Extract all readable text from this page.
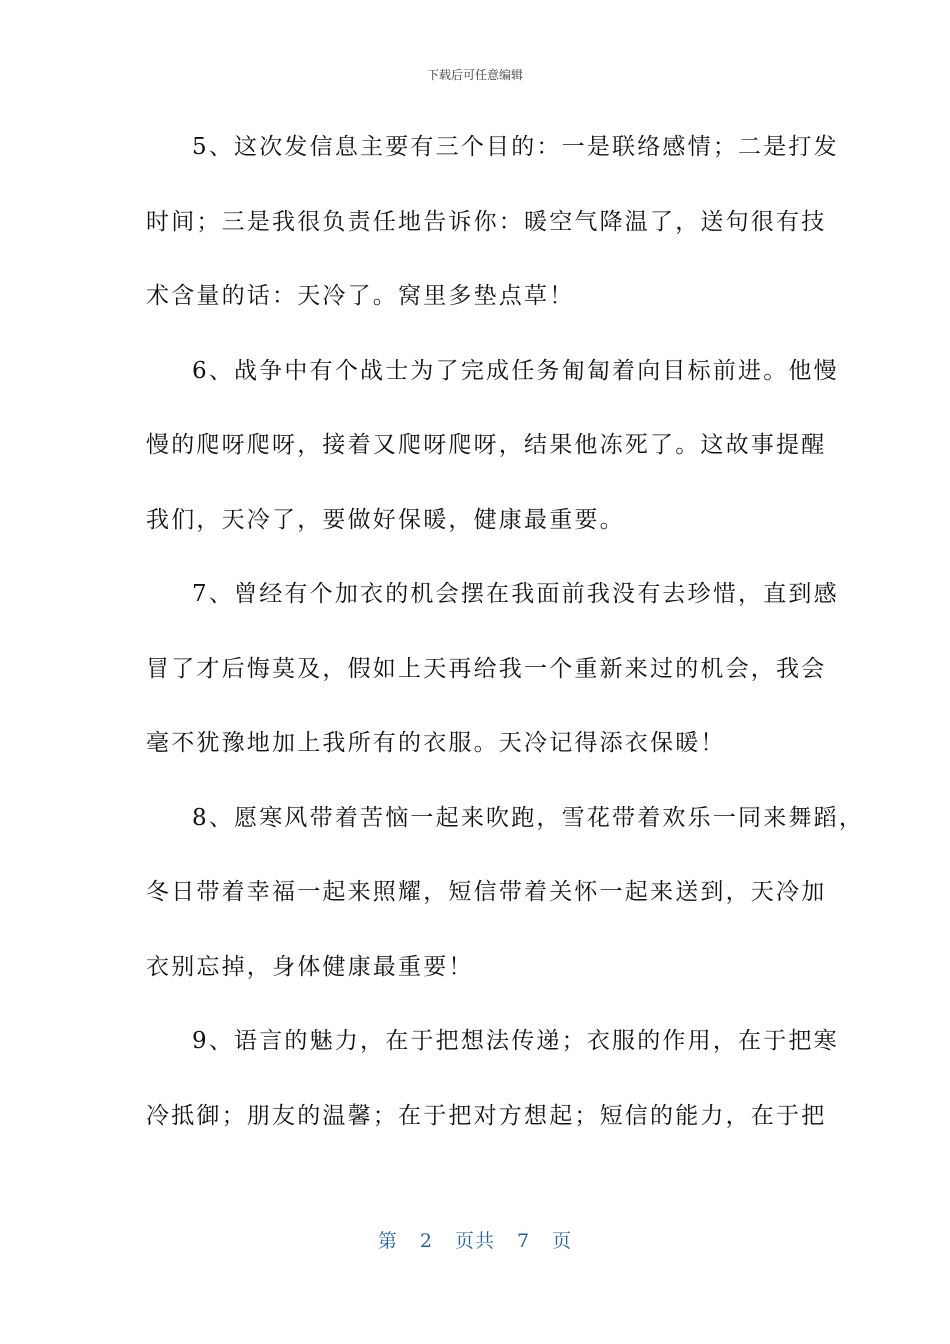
下载后可任意编辑
5、这次发信息主要有三个目的：一是联络感情；二是打发
时间；三是我很负责任地告诉你：暖空气降温了，送句很有技
术含量的话：天冷了。窝里多垫点草！
6、战争中有个战士为了完成任务匍匐着向目标前进。他慢
慢的爬呀爬呀，接着又爬呀爬呀，结果他冻死了。这故事提醒
我们，天冷了，要做好保暖，健康最重要。
7、曾经有个加衣的机会摆在我面前我没有去珍惜，直到感
冒了才后悔莫及，假如上天再给我一个重新来过的机会，我会
毫不犹豫地加上我所有的衣服。天冷记得添衣保暖！
8、愿寒风带着苦恼一起来吹跑，雪花带着欢乐一同来舞蹈，
冬日带着幸福一起来照耀，短信带着关怀一起来送到，天冷加
衣别忘掉，身体健康最重要！
9、语言的魅力，在于把想法传递；衣服的作用，在于把寒
冷抵御；朋友的温馨；在于把对方想起；短信的能力，在于把
第 2 页共 7 页
